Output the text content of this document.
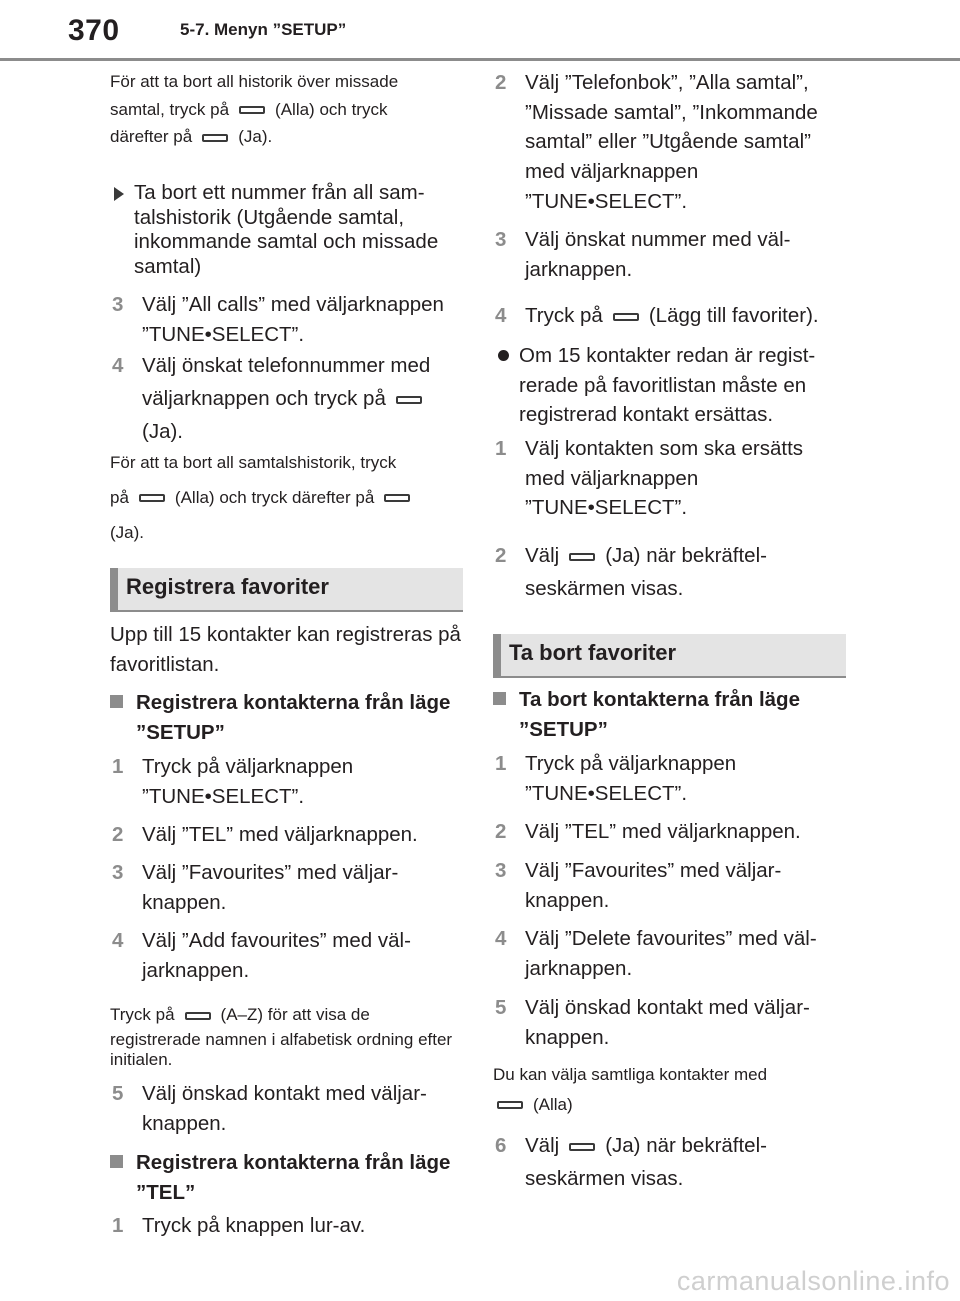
370	5-7. Menyn ”SETUP”
För att ta bort all historik över missade
samtal, tryck på	(Alla) och tryck
därefter på	(Ja).
Ta bort ett nummer från all samtalshistorik (Utgående samtal, inkommande samtal och missade samtal)
3 Välj ”All calls” med väljarknappen ”TUNE•SELECT”.
4 Välj önskat telefonnummer med väljarknappen och tryck på(Ja).
För att ta bort all samtalshistorik, tryck
på	(Alla) och tryck därefter på
(Ja).
Registrera favoriter
Upp till 15 kontakter kan registreras på favoritlistan.
Registrera kontakterna från läge ”SETUP”
1 Tryck på väljarknappen ”TUNE•SELECT”.
2 Välj ”TEL” med väljarknappen.
3 Välj ”Favourites” med väljarknappen.
4 Välj ”Add favourites” med väljarknappen.
Tryck på	(A–Z) för att visa de
registrerade namnen i alfabetisk ordning efter initialen.
5 Välj önskad kontakt med väljarknappen.
Registrera kontakterna från läge ”TEL”
1 Tryck på knappen lur-av.
2 Välj ”Telefonbok”, ”Alla samtal”, ”Missade samtal”, ”Inkommande samtal” eller ”Utgående samtal” med väljarknappen ”TUNE•SELECT”.
3 Välj önskat nummer med väljarknappen.
4 Tryck på (Lägg till favoriter).
Om 15 kontakter redan är registrerade på favoritlistan måste en registrerad kontakt ersättas.
1 Välj kontakten som ska ersätts med väljarknappen ”TUNE•SELECT”.
2 Välj (Ja) när bekräftelseskärmen visas.
Ta bort favoriter
Ta bort kontakterna från läge ”SETUP”
1 Tryck på väljarknappen ”TUNE•SELECT”.
2 Välj ”TEL” med väljarknappen.
3 Välj ”Favourites” med väljarknappen.
4 Välj ”Delete favourites” med väljarknappen.
5 Välj önskad kontakt med väljarknappen.
Du kan välja samtliga kontakter med
(Alla)
6 Välj (Ja) när bekräftelseskärmen visas.
carmanualsonline.info
